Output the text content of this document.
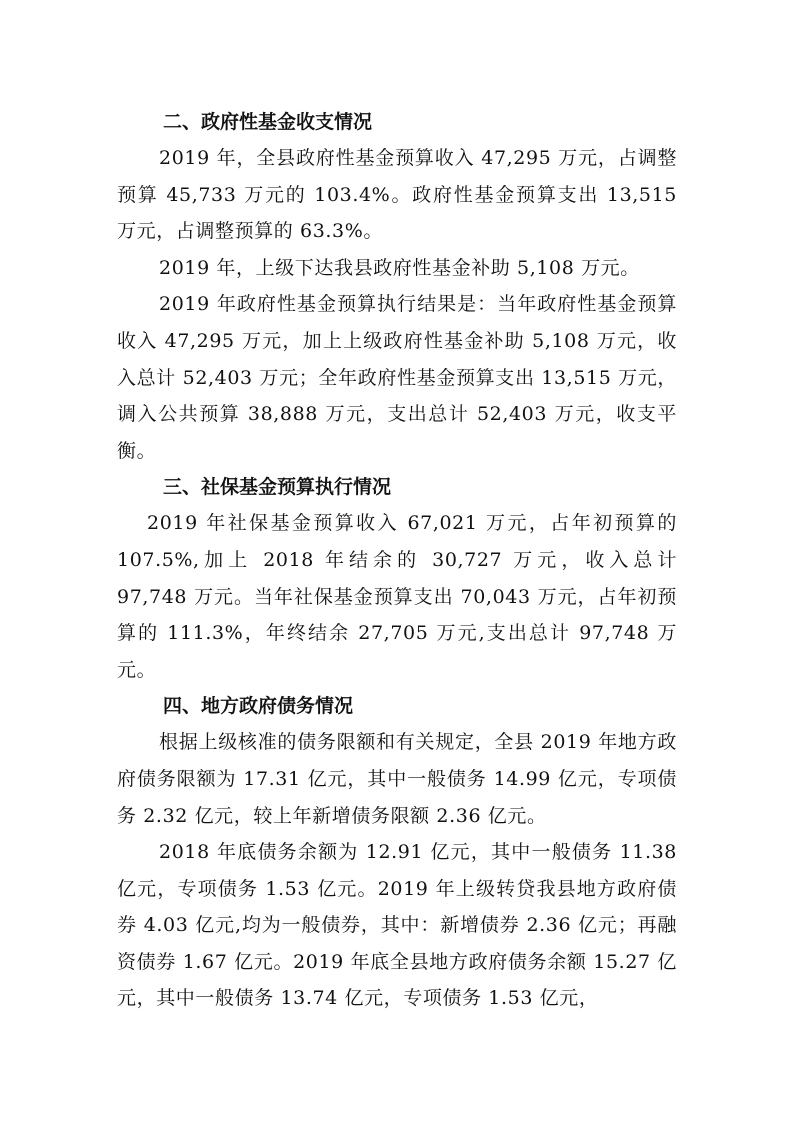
二、政府性基金收支情况

2019 年，全县政府性基金预算收入 47,295 万元，占调整预算 45,733 万元的 103.4%。政府性基金预算支出 13,515 万元，占调整预算的 63.3%。

2019 年，上级下达我县政府性基金补助 5,108 万元。

2019 年政府性基金预算执行结果是：当年政府性基金预算收入 47,295 万元，加上上级政府性基金补助 5,108 万元，收入总计 52,403 万元；全年政府性基金预算支出 13,515 万元，调入公共预算 38,888 万元，支出总计 52,403 万元，收支平衡。

三、社保基金预算执行情况

2019 年社保基金预算收入 67,021 万元，占年初预算的 107.5%,加上 2018 年结余的 30,727 万元，收入总计 97,748 万元。当年社保基金预算支出 70,043 万元，占年初预算的 111.3%，年终结余 27,705 万元,支出总计 97,748 万元。

四、地方政府债务情况

根据上级核准的债务限额和有关规定，全县 2019 年地方政府债务限额为 17.31 亿元，其中一般债务 14.99 亿元，专项债务 2.32 亿元，较上年新增债务限额 2.36 亿元。

2018 年底债务余额为 12.91 亿元，其中一般债务 11.38 亿元，专项债务 1.53 亿元。2019 年上级转贷我县地方政府债券 4.03 亿元,均为一般债券，其中：新增债券 2.36 亿元；再融资债券 1.67 亿元。2019 年底全县地方政府债务余额 15.27 亿元，其中一般债务 13.74 亿元，专项债务 1.53 亿元，
